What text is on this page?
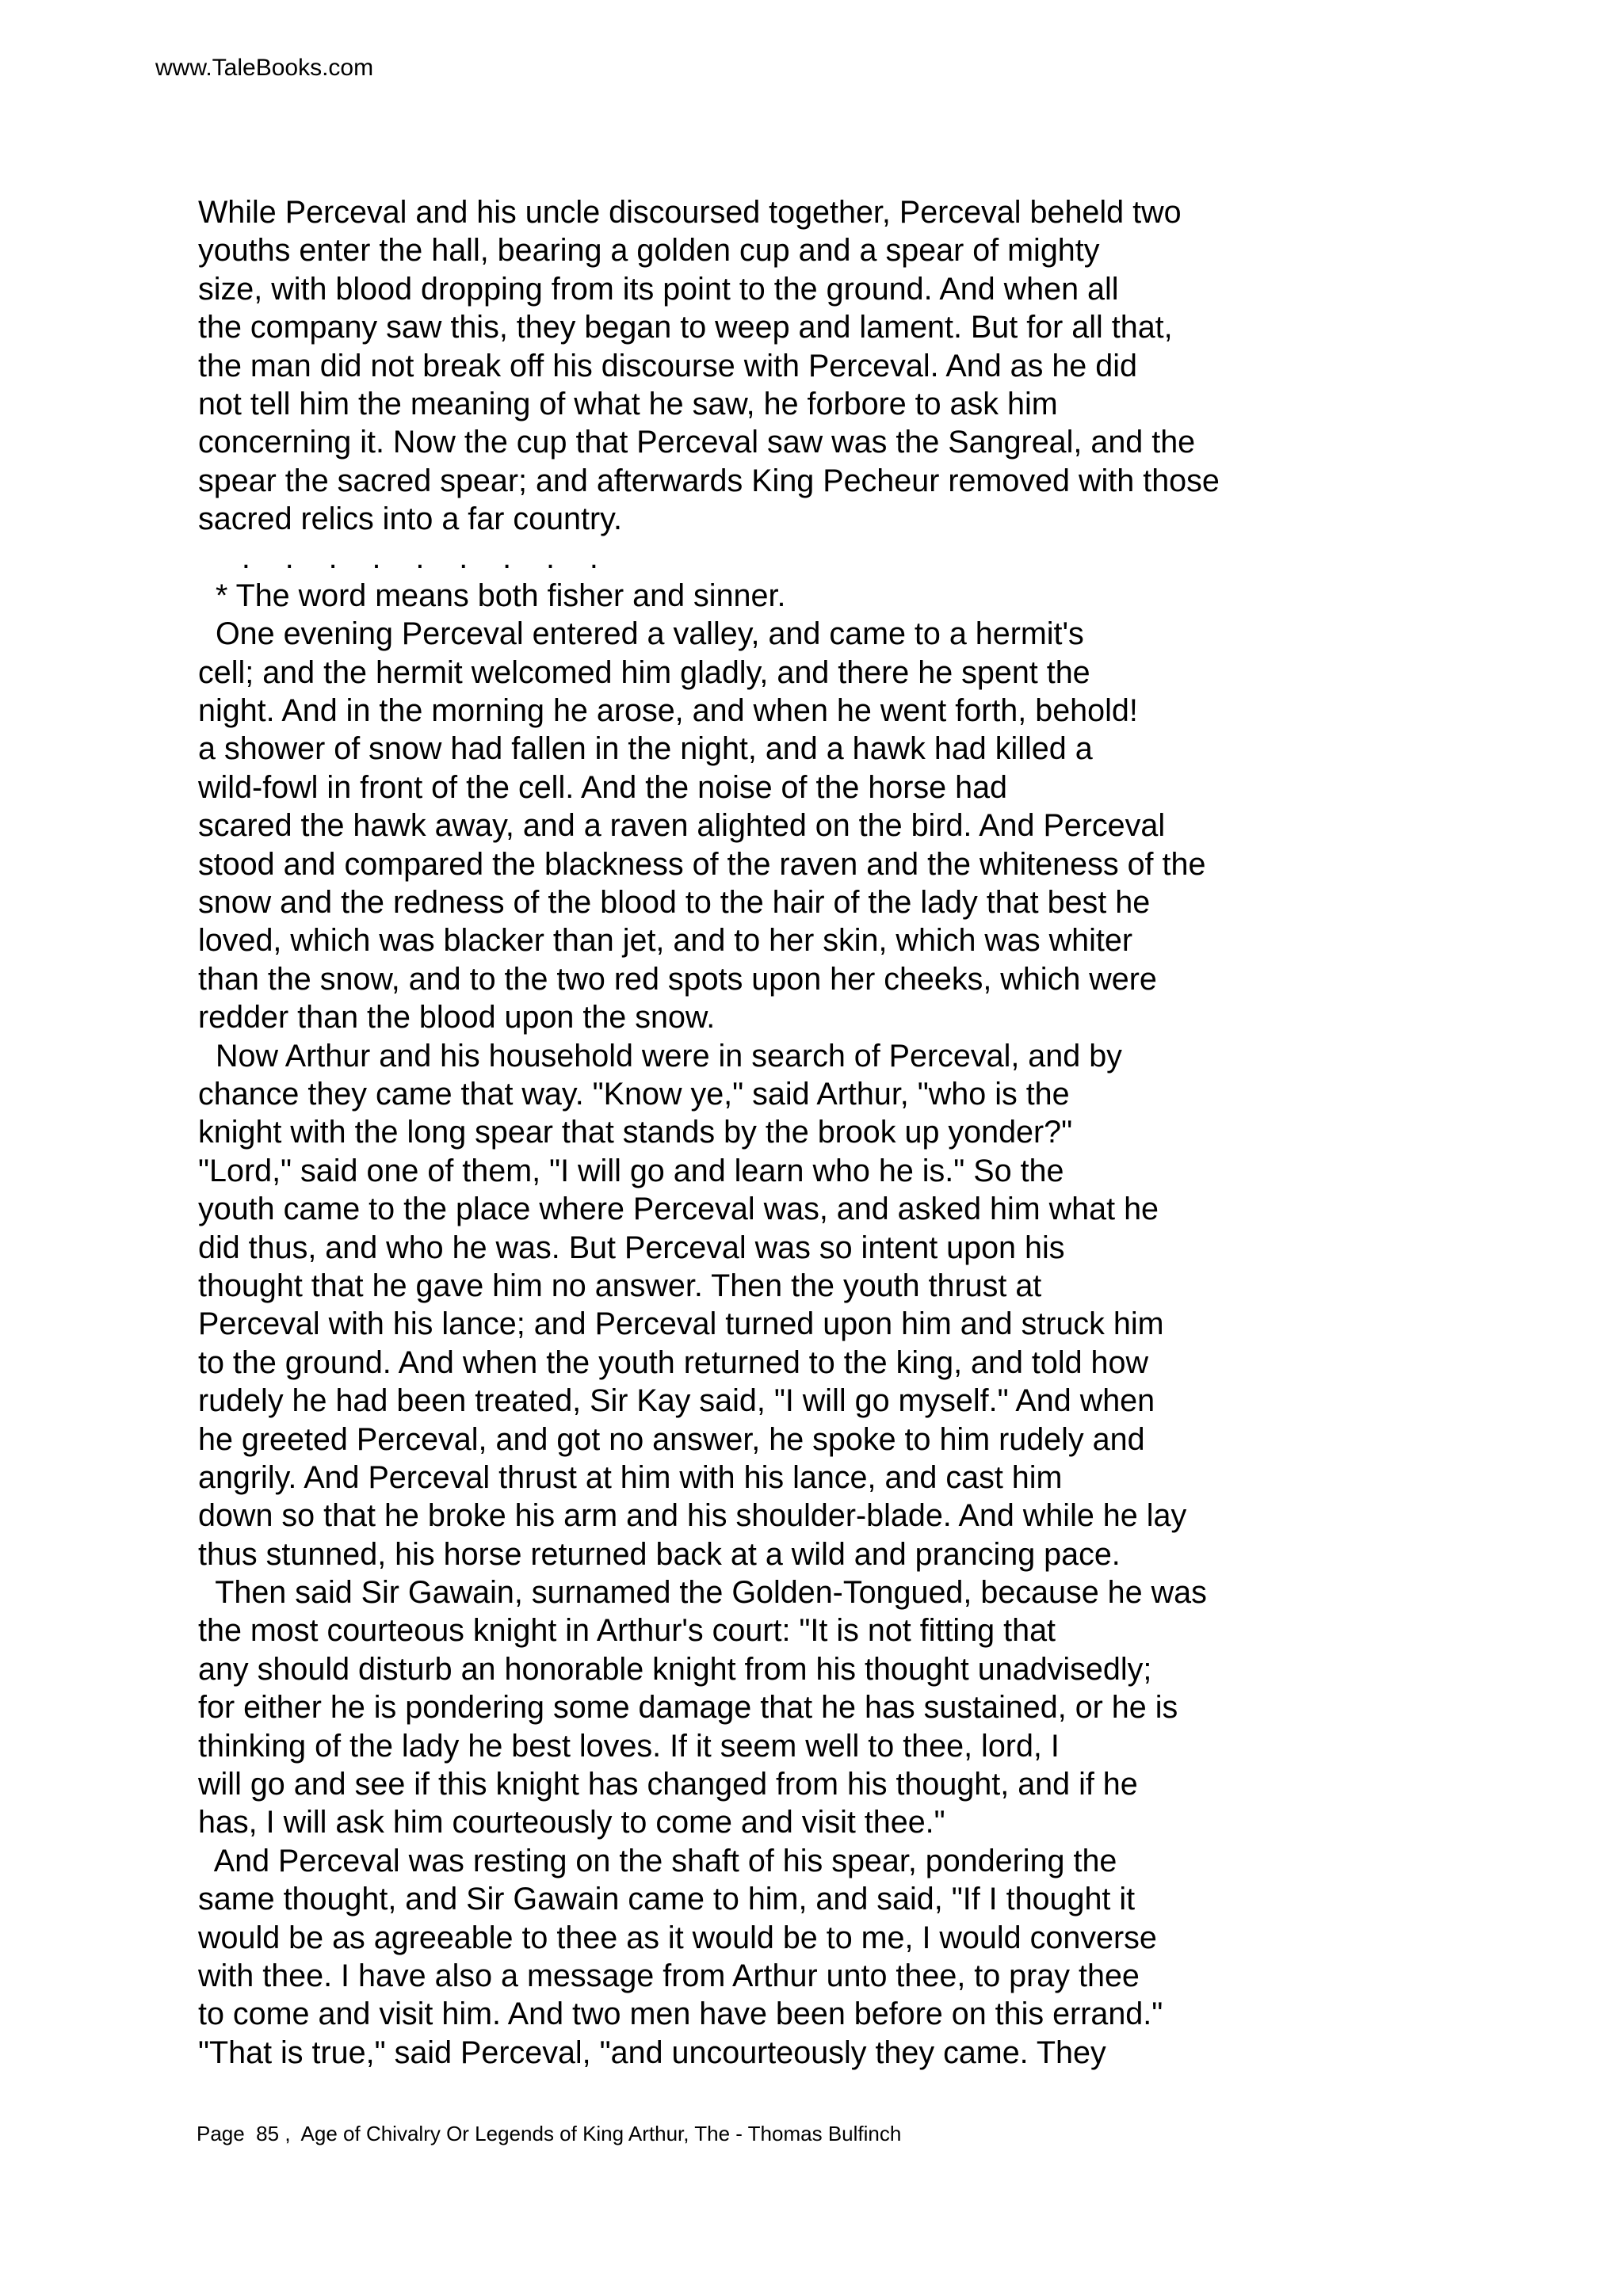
www.TaleBooks.com
While Perceval and his uncle discoursed together, Perceval beheld two
youths enter the hall, bearing a golden cup and a spear of mighty
size, with blood dropping from its point to the ground. And when all
the company saw this, they began to weep and lament. But for all that,
the man did not break off his discourse with Perceval. And as he did
not tell him the meaning of what he saw, he forbore to ask him
concerning it. Now the cup that Perceval saw was the Sangreal, and the
spear the sacred spear; and afterwards King Pecheur removed with those
sacred relics into a far country.
.    .    .    .    .    .    .    .    .
* The word means both fisher and sinner.
One evening Perceval entered a valley, and came to a hermit's
cell; and the hermit welcomed him gladly, and there he spent the
night. And in the morning he arose, and when he went forth, behold!
a shower of snow had fallen in the night, and a hawk had killed a
wild-fowl in front of the cell. And the noise of the horse had
scared the hawk away, and a raven alighted on the bird. And Perceval
stood and compared the blackness of the raven and the whiteness of the
snow and the redness of the blood to the hair of the lady that best he
loved, which was blacker than jet, and to her skin, which was whiter
than the snow, and to the two red spots upon her cheeks, which were
redder than the blood upon the snow.
Now Arthur and his household were in search of Perceval, and by
chance they came that way. "Know ye," said Arthur, "who is the
knight with the long spear that stands by the brook up yonder?"
"Lord," said one of them, "I will go and learn who he is." So the
youth came to the place where Perceval was, and asked him what he
did thus, and who he was. But Perceval was so intent upon his
thought that he gave him no answer. Then the youth thrust at
Perceval with his lance; and Perceval turned upon him and struck him
to the ground. And when the youth returned to the king, and told how
rudely he had been treated, Sir Kay said, "I will go myself." And when
he greeted Perceval, and got no answer, he spoke to him rudely and
angrily. And Perceval thrust at him with his lance, and cast him
down so that he broke his arm and his shoulder-blade. And while he lay
thus stunned, his horse returned back at a wild and prancing pace.
Then said Sir Gawain, surnamed the Golden-Tongued, because he was
the most courteous knight in Arthur's court: "It is not fitting that
any should disturb an honorable knight from his thought unadvisedly;
for either he is pondering some damage that he has sustained, or he is
thinking of the lady he best loves. If it seem well to thee, lord, I
will go and see if this knight has changed from his thought, and if he
has, I will ask him courteously to come and visit thee."
And Perceval was resting on the shaft of his spear, pondering the
same thought, and Sir Gawain came to him, and said, "If I thought it
would be as agreeable to thee as it would be to me, I would converse
with thee. I have also a message from Arthur unto thee, to pray thee
to come and visit him. And two men have been before on this errand."
"That is true," said Perceval, "and uncourteously they came. They
Page  85 ,  Age of Chivalry Or Legends of King Arthur, The - Thomas Bulfinch
